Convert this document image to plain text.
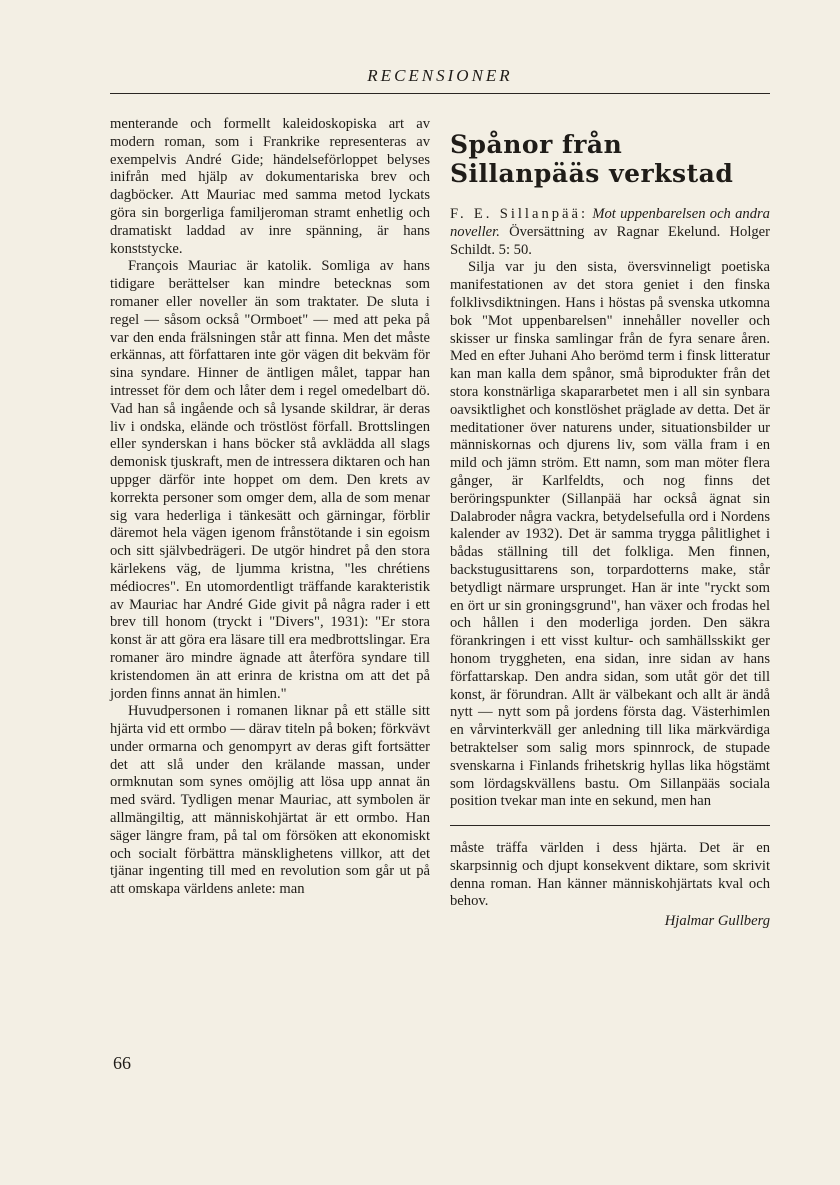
RECENSIONER

menterande och formellt kaleidoskopiska art av modern roman, som i Frankrike representeras av exempelvis André Gide; händelseförloppet belyses inifrån med hjälp av dokumentariska brev och dagböcker. Att Mauriac med samma metod lyckats göra sin borgerliga familjeroman stramt enhetlig och dramatiskt laddad av inre spänning, är hans konststycke.

François Mauriac är katolik. Somliga av hans tidigare berättelser kan mindre betecknas som romaner eller noveller än som traktater. De sluta i regel — såsom också "Ormboet" — med att peka på var den enda frälsningen står att finna. Men det måste erkännas, att författaren inte gör vägen dit bekväm för sina syndare. Hinner de äntligen målet, tappar han intresset för dem och låter dem i regel omedelbart dö. Vad han så ingående och så lysande skildrar, är deras liv i ondska, elände och tröstlöst förfall. Brottslingen eller synderskan i hans böcker stå avklädda all slags demonisk tjuskraft, men de intressera diktaren och han uppger därför inte hoppet om dem. Den krets av korrekta personer som omger dem, alla de som menar sig vara hederliga i tänkesätt och gärningar, förblir däremot hela vägen igenom frånstötande i sin egoism och sitt självbedrägeri. De utgör hindret på den stora kärlekens väg, de ljumma kristna, "les chrétiens médiocres". En utomordentligt träffande karakteristik av Mauriac har André Gide givit på några rader i ett brev till honom (tryckt i "Divers", 1931): "Er stora konst är att göra era läsare till era medbrottslingar. Era romaner äro mindre ägnade att återföra syndare till kristendomen än att erinra de kristna om att det på jorden finns annat än himlen."

Huvudpersonen i romanen liknar på ett ställe sitt hjärta vid ett ormbo — därav titeln på boken; förkvävt under ormarna och genompyrt av deras gift fortsätter det att slå under den krälande massan, under ormknutan som synes omöjlig att lösa upp annat än med svärd. Tydligen menar Mauriac, att symbolen är allmängiltig, att människohjärtat är ett ormbo. Han säger längre fram, på tal om försöken att ekonomiskt och socialt förbättra mänsklighetens villkor, att det tjänar ingenting till med en revolution som går ut på att omskapa världens anlete: man

Spånor från
Sillanpääs verkstad

F. E. Sillanpää: Mot uppenbarelsen och andra noveller. Översättning av Ragnar Ekelund. Holger Schildt. 5: 50.

Silja var ju den sista, översvinneligt poetiska manifestationen av det stora geniet i den finska folklivsdiktningen. Hans i höstas på svenska utkomna bok "Mot uppenbarelsen" innehåller noveller och skisser ur finska samlingar från de fyra senare åren. Med en efter Juhani Aho berömd term i finsk litteratur kan man kalla dem spånor, små biprodukter från det stora konstnärliga skapararbetet men i all sin synbara oavsiktlighet och konstlöshet präglade av detta. Det är meditationer över naturens under, situationsbilder ur människornas och djurens liv, som välla fram i en mild och jämn ström. Ett namn, som man möter flera gånger, är Karlfeldts, och nog finns det beröringspunkter (Sillanpää har också ägnat sin Dalabroder några vackra, betydelsefulla ord i Nordens kalender av 1932). Det är samma trygga pålitlighet i bådas ställning till det folkliga. Men finnen, backstugusittarens son, torpardotterns make, står betydligt närmare ursprunget. Han är inte "ryckt som en ört ur sin groningsgrund", han växer och frodas hel och hållen i den moderliga jorden. Den säkra förankringen i ett visst kultur- och samhällsskikt ger honom tryggheten, ena sidan, inre sidan av hans författarskap. Den andra sidan, som utåt gör det till konst, är förundran. Allt är välbekant och allt är ändå nytt — nytt som på jordens första dag. Västerhimlen en vårvinterkväll ger anledning till lika märkvärdiga betraktelser som salig mors spinnrock, de stupade svenskarna i Finlands frihetskrig hyllas lika högstämt som lördagskvällens bastu. Om Sillanpääs sociala position tvekar man inte en sekund, men han

måste träffa världen i dess hjärta. Det är en skarpsinnig och djupt konsekvent diktare, som skrivit denna roman. Han känner människohjärtats kval och behov.

Hjalmar Gullberg
66
